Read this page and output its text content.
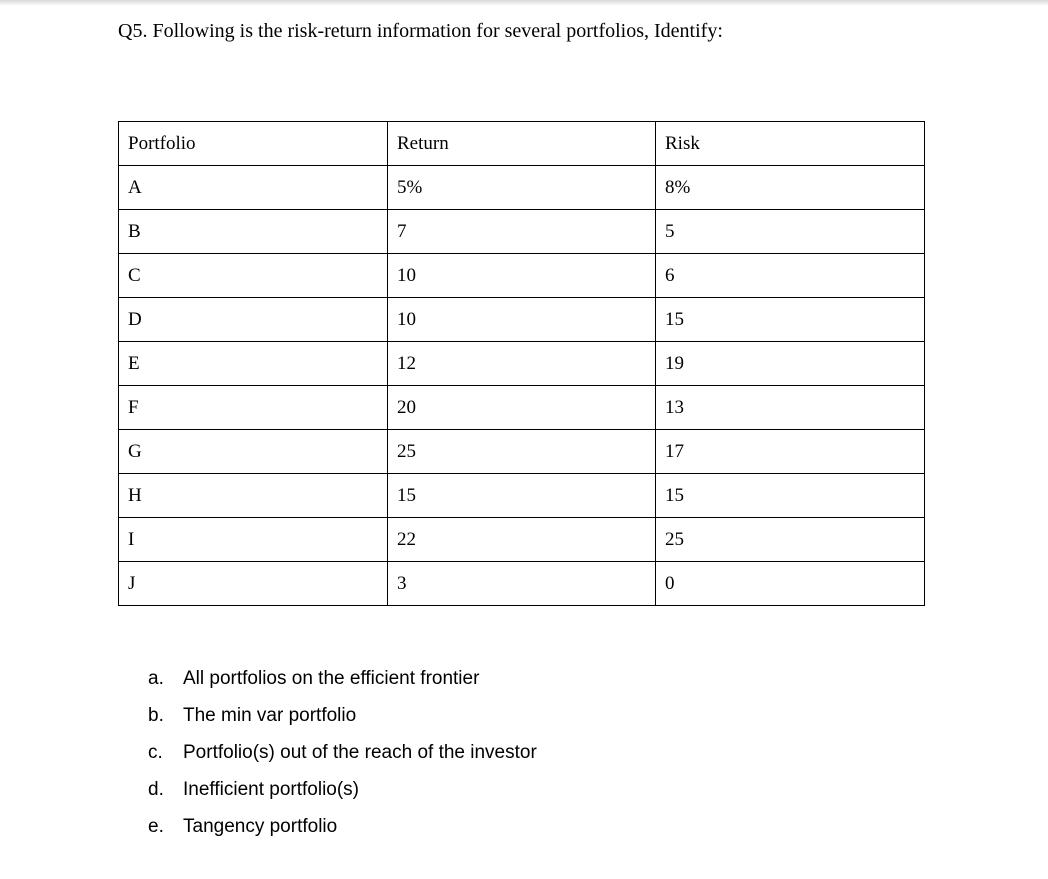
Q5. Following is the risk-return information for several portfolios, Identify:
Portfolio	Return	Risk
A	5%	8%
B	7	5
C	10	6
D	10	15
E	12	19
F	20	13
G	25	17
H	15	15
I	22	25
J	3	0
a. All portfolios on the efficient frontier
b. The min var portfolio
c. Portfolio(s) out of the reach of the investor
d. Inefficient portfolio(s)
e. Tangency portfolio
